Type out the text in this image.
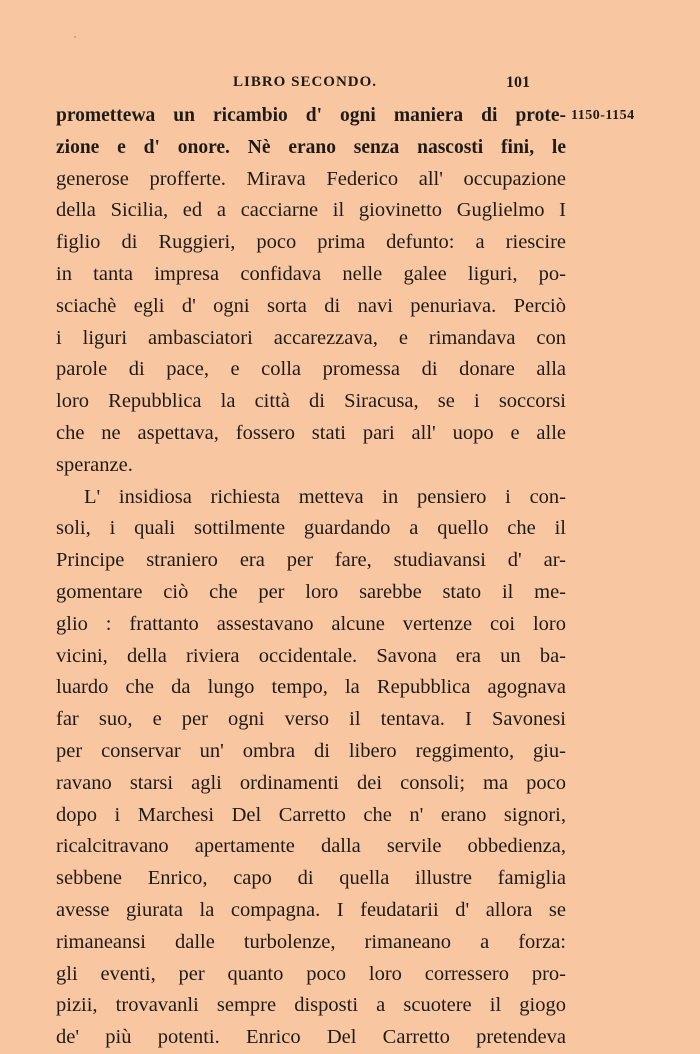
LIBRO SECONDO.	101
1150-1154
promettewa un ricambio d' ogni maniera di prote-
zione e d' onore. Nè erano senza nascosti fini, le
generose profferte. Mirava Federico all' occupazione
della Sicilia, ed a cacciarne il giovinetto Guglielmo I
figlio di Ruggieri, poco prima defunto: a riescire
in tanta impresa confidava nelle galee liguri, po-
sciachè egli d' ogni sorta di navi penuriava. Perciò
i liguri ambasciatori accarezzava, e rimandava con
parole di pace, e colla promessa di donare alla
loro Repubblica la città di Siracusa, se i soccorsi
che ne aspettava, fossero stati pari all' uopo e alle
speranze.
L' insidiosa richiesta metteva in pensiero i con-
soli, i quali sottilmente guardando a quello che il
Principe straniero era per fare, studiavansi d' ar-
gomentare ciò che per loro sarebbe stato il me-
glio : frattanto assestavano alcune vertenze coi loro
vicini, della riviera occidentale. Savona era un ba-
luardo che da lungo tempo, la Repubblica agognava
far suo, e per ogni verso il tentava. I Savonesi
per conservar un' ombra di libero reggimento, giu-
ravano starsi agli ordinamenti dei consoli; ma poco
dopo i Marchesi Del Carretto che n' erano signori,
ricalcitravano apertamente dalla servile obbedienza,
sebbene Enrico, capo di quella illustre famiglia
avesse giurata la compagna. I feudatarii d' allora se
rimaneansi dalle turbolenze, rimaneano a forza:
gli eventi, per quanto poco loro corressero pro-
pizii, trovavanli sempre disposti a scuotere il giogo
de' più potenti. Enrico Del Carretto pretendeva
